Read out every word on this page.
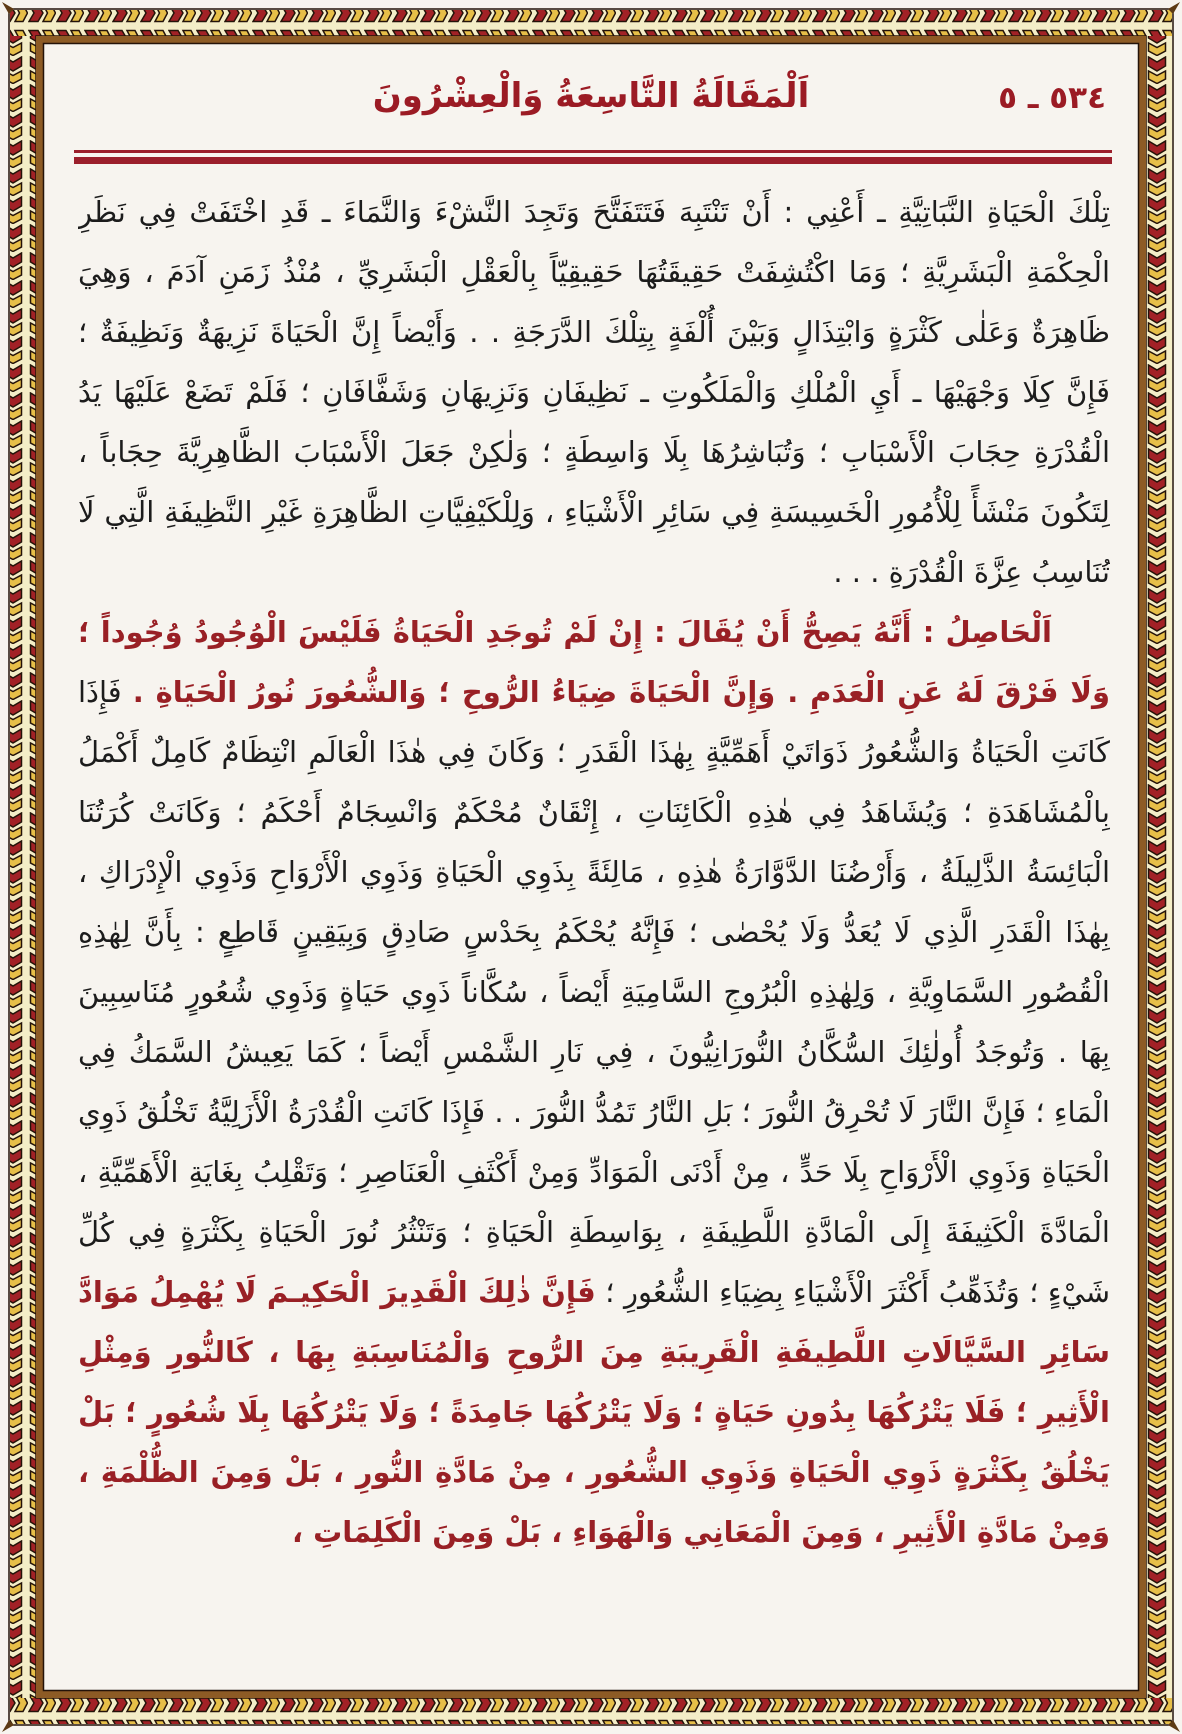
اَلْمَقَالَةُ التَّاسِعَةُ وَالْعِشْرُونَ	٥٣٤ ـ ٥

تِلْكَ الْحَيَاةِ النَّبَاتِيَّةِ ـ أَعْنِي : أَنْ تَنْتَبِهَ فَتَتَفَتَّحَ وَتَجِدَ النَّشْءَ وَالنَّمَاءَ ـ قَدِ اخْتَفَتْ فِي نَظَرِ الْحِكْمَةِ الْبَشَرِيَّةِ ؛ وَمَا اكْتُشِفَتْ حَقِيقَتُهَا حَقِيقِيّاً بِالْعَقْلِ الْبَشَرِيِّ ، مُنْذُ زَمَنِ آدَمَ ، وَهِيَ ظَاهِرَةٌ وَعَلٰى كَثْرَةٍ وَابْتِذَالٍ وَبَيْنَ أُلْفَةٍ بِتِلْكَ الدَّرَجَةِ . . وَأَيْضاً إِنَّ الْحَيَاةَ نَزِيهَةٌ وَنَظِيفَةٌ ؛ فَإِنَّ كِلَا وَجْهَيْهَا ـ أَيِ الْمُلْكِ وَالْمَلَكُوتِ ـ نَظِيفَانِ وَنَزِيهَانِ وَشَفَّافَانِ ؛ فَلَمْ تَضَعْ عَلَيْهَا يَدُ الْقُدْرَةِ حِجَابَ الْأَسْبَابِ ؛ وَتُبَاشِرُهَا بِلَا وَاسِطَةٍ ؛ وَلٰكِنْ جَعَلَ الْأَسْبَابَ الظَّاهِرِيَّةَ حِجَاباً ، لِتَكُونَ مَنْشَأً لِلْأُمُورِ الْخَسِيسَةِ فِي سَائِرِ الْأَشْيَاءِ ، وَلِلْكَيْفِيَّاتِ الظَّاهِرَةِ غَيْرِ النَّظِيفَةِ الَّتِي لَا تُنَاسِبُ عِزَّةَ الْقُدْرَةِ . . .

اَلْحَاصِلُ : أَنَّهُ يَصِحُّ أَنْ يُقَالَ : إِنْ لَمْ تُوجَدِ الْحَيَاةُ فَلَيْسَ الْوُجُودُ وُجُوداً ؛ وَلَا فَرْقَ لَهُ عَنِ الْعَدَمِ . وَإِنَّ الْحَيَاةَ ضِيَاءُ الرُّوحِ ؛ وَالشُّعُورَ نُورُ الْحَيَاةِ . فَإِذَا كَانَتِ الْحَيَاةُ وَالشُّعُورُ ذَوَاتَيْ أَهَمِّيَّةٍ بِهٰذَا الْقَدَرِ ؛ وَكَانَ فِي هٰذَا الْعَالَمِ انْتِظَامٌ كَامِلٌ أَكْمَلُ بِالْمُشَاهَدَةِ ؛ وَيُشَاهَدُ فِي هٰذِهِ الْكَائِنَاتِ ، إِتْقَانٌ مُحْكَمٌ وَانْسِجَامٌ أَحْكَمُ ؛ وَكَانَتْ كُرَتُنَا الْبَائِسَةُ الذَّلِيلَةُ ، وَأَرْضُنَا الدَّوَّارَةُ هٰذِهِ ، مَالِئَةً بِذَوِي الْحَيَاةِ وَذَوِي الْأَرْوَاحِ وَذَوِي الْإِدْرَاكِ ، بِهٰذَا الْقَدَرِ الَّذِي لَا يُعَدُّ وَلَا يُحْصٰى ؛ فَإِنَّهُ يُحْكَمُ بِحَدْسٍ صَادِقٍ وَبِيَقِينٍ قَاطِعٍ : بِأَنَّ لِهٰذِهِ الْقُصُورِ السَّمَاوِيَّةِ ، وَلِهٰذِهِ الْبُرُوجِ السَّامِيَةِ أَيْضاً ، سُكَّاناً ذَوِي حَيَاةٍ وَذَوِي شُعُورٍ مُنَاسِبِينَ بِهَا . وَتُوجَدُ أُولٰئِكَ السُّكَّانُ النُّورَانِيُّونَ ، فِي نَارِ الشَّمْسِ أَيْضاً ؛ كَمَا يَعِيشُ السَّمَكُ فِي الْمَاءِ ؛ فَإِنَّ النَّارَ لَا تُحْرِقُ النُّورَ ؛ بَلِ النَّارُ تَمُدُّ النُّورَ . . فَإِذَا كَانَتِ الْقُدْرَةُ الْأَزَلِيَّةُ تَخْلُقُ ذَوِي الْحَيَاةِ وَذَوِي الْأَرْوَاحِ بِلَا حَدٍّ ، مِنْ أَدْنَى الْمَوَادِّ وَمِنْ أَكْثَفِ الْعَنَاصِرِ ؛ وَتَقْلِبُ بِغَايَةِ الْأَهَمِّيَّةِ ، الْمَادَّةَ الْكَثِيفَةَ إِلَى الْمَادَّةِ اللَّطِيفَةِ ، بِوَاسِطَةِ الْحَيَاةِ ؛ وَتَنْثُرُ نُورَ الْحَيَاةِ بِكَثْرَةٍ فِي كُلِّ شَيْءٍ ؛ وَتُذَهِّبُ أَكْثَرَ الْأَشْيَاءِ بِضِيَاءِ الشُّعُورِ ؛ فَإِنَّ ذٰلِكَ الْقَدِيرَ الْحَكِيـمَ لَا يُهْمِلُ مَوَادَّ سَائِرِ السَّيَّالَاتِ اللَّطِيفَةِ الْقَرِيبَةِ مِنَ الرُّوحِ وَالْمُنَاسِبَةِ بِهَا ، كَالنُّورِ وَمِثْلِ الْأَثِيرِ ؛ فَلَا يَتْرُكُهَا بِدُونِ حَيَاةٍ ؛ وَلَا يَتْرُكُهَا جَامِدَةً ؛ وَلَا يَتْرُكُهَا بِلَا شُعُورٍ ؛ بَلْ يَخْلُقُ بِكَثْرَةٍ ذَوِي الْحَيَاةِ وَذَوِي الشُّعُورِ ، مِنْ مَادَّةِ النُّورِ ، بَلْ وَمِنَ الظُّلْمَةِ ، وَمِنْ مَادَّةِ الْأَثِيرِ ، وَمِنَ الْمَعَانِي وَالْهَوَاءِ ، بَلْ وَمِنَ الْكَلِمَاتِ ،
